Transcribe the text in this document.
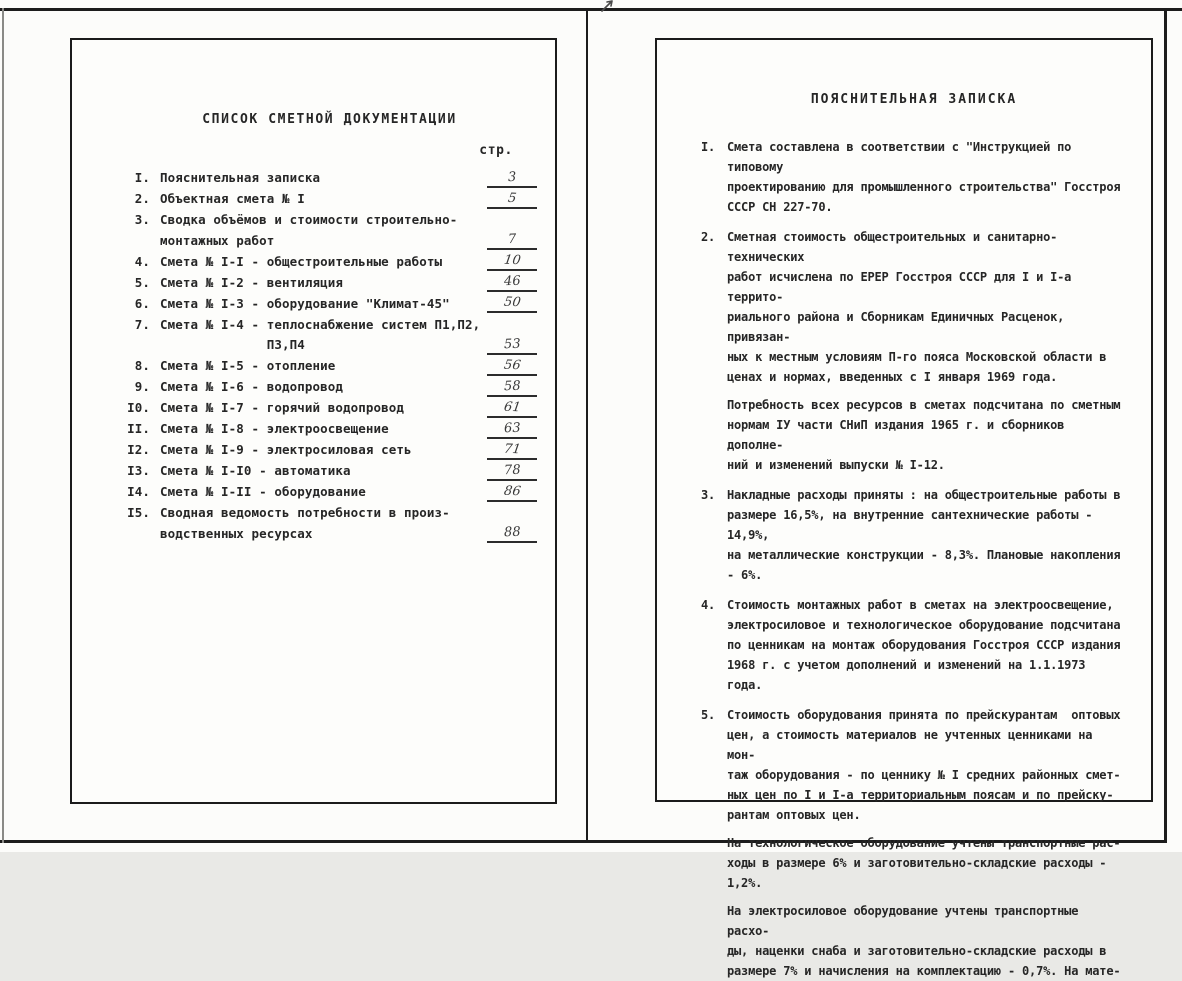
СПИСОК СМЕТНОЙ ДОКУМЕНТАЦИИ
стр.
I. Пояснительная записка	3
2. Объектная смета № I	5
3. Сводка объёмов и стоимости строительно-
монтажных работ	7
4. Смета № I-I - общестроительные работы	10
5. Смета № I-2 - вентиляция	46
6. Смета № I-3 - оборудование "Климат-45"	50
7. Смета № I-4 - теплоснабжение систем П1,П2,
П3,П4	53
8. Смета № I-5 - отопление	56
9. Смета № I-6 - водопровод	58
I0. Смета № I-7 - горячий водопровод	61
II. Смета № I-8 - электроосвещение	63
I2. Смета № I-9 - электросиловая сеть	71
I3. Смета № I-I0 - автоматика	78
I4. Смета № I-II - оборудование	86
I5. Сводная ведомость потребности в произ-
водственных ресурсах	88
ПОЯСНИТЕЛЬНАЯ ЗАПИСКА
I. Смета составлена в соответствии с "Инструкцией по типовому
проектированию для промышленного строительства" Госстроя
СССР СН 227-70.
2. Сметная стоимость общестроительных и санитарно-технических
работ исчислена по ЕРЕР Госстроя СССР для I и I-а террито-
риального района и Сборникам Единичных Расценок, привязан-
ных к местным условиям П-го пояса Московской области в
ценах и нормах, введенных с I января 1969 года.
Потребность всех ресурсов в сметах подсчитана по сметным
нормам IУ части СНиП издания 1965 г. и сборников дополне-
ний и изменений выпуски № I-12.
3. Накладные расходы приняты : на общестроительные работы в
размере 16,5%, на внутренние сантехнические работы - 14,9%,
на металлические конструкции - 8,3%. Плановые накопления
- 6%.
4. Стоимость монтажных работ в сметах на электроосвещение,
электросиловое и технологическое оборудование подсчитана
по ценникам на монтаж оборудования Госстроя СССР издания
1968 г. с учетом дополнений и изменений на 1.1.1973 года.
5. Стоимость оборудования принята по прейскурантам  оптовых
цен, а стоимость материалов не учтенных ценниками на мон-
таж оборудования - по ценнику № I средних районных смет-
ных цен по I и I-а территориальным поясам и по прейску-
рантам оптовых цен.
На технологическое оборудование учтены транспортные рас-
ходы в размере 6% и заготовительно-складские расходы -
1,2%.
На электросиловое оборудование учтены транспортные расхо-
ды, наценки снаба и заготовительно-складские расходы в
размере 7% и начисления на комплектацию - 0,7%. На мате-
